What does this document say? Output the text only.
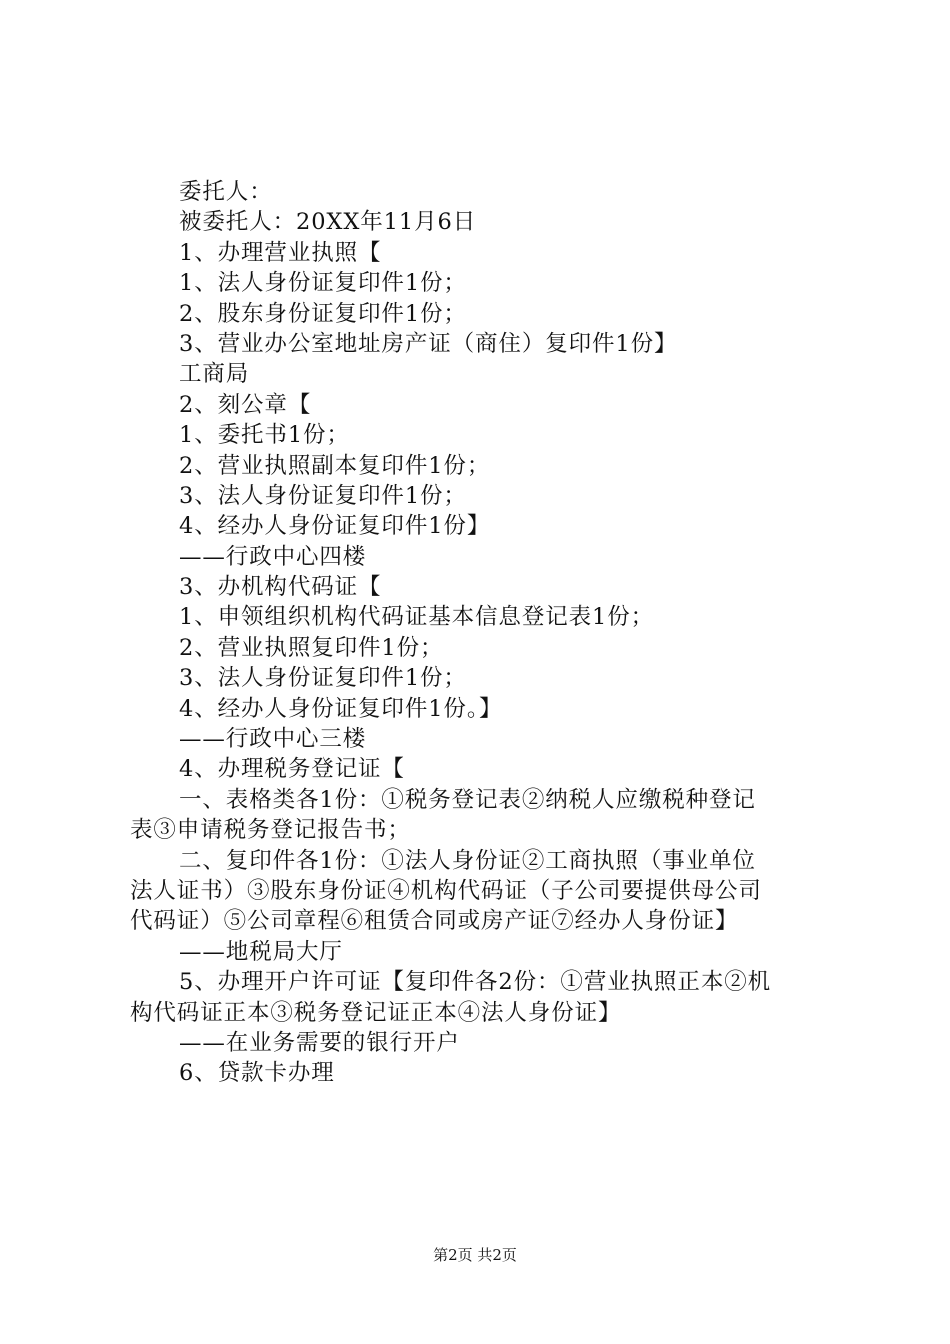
委托人：
被委托人：20XX年11月6日
1、办理营业执照【
1、法人身份证复印件1份；
2、股东身份证复印件1份；
3、营业办公室地址房产证（商住）复印件1份】
工商局
2、刻公章【
1、委托书1份；
2、营业执照副本复印件1份；
3、法人身份证复印件1份；
4、经办人身份证复印件1份】
——行政中心四楼
3、办机构代码证【
1、申领组织机构代码证基本信息登记表1份；
2、营业执照复印件1份；
3、法人身份证复印件1份；
4、经办人身份证复印件1份。】
——行政中心三楼
4、办理税务登记证【
一、表格类各1份：①税务登记表②纳税人应缴税种登记
表③申请税务登记报告书；
二、复印件各1份：①法人身份证②工商执照（事业单位
法人证书）③股东身份证④机构代码证（子公司要提供母公司
代码证）⑤公司章程⑥租赁合同或房产证⑦经办人身份证】
——地税局大厅
5、办理开户许可证【复印件各2份：①营业执照正本②机
构代码证正本③税务登记证正本④法人身份证】
——在业务需要的银行开户
6、贷款卡办理
第2页 共2页
